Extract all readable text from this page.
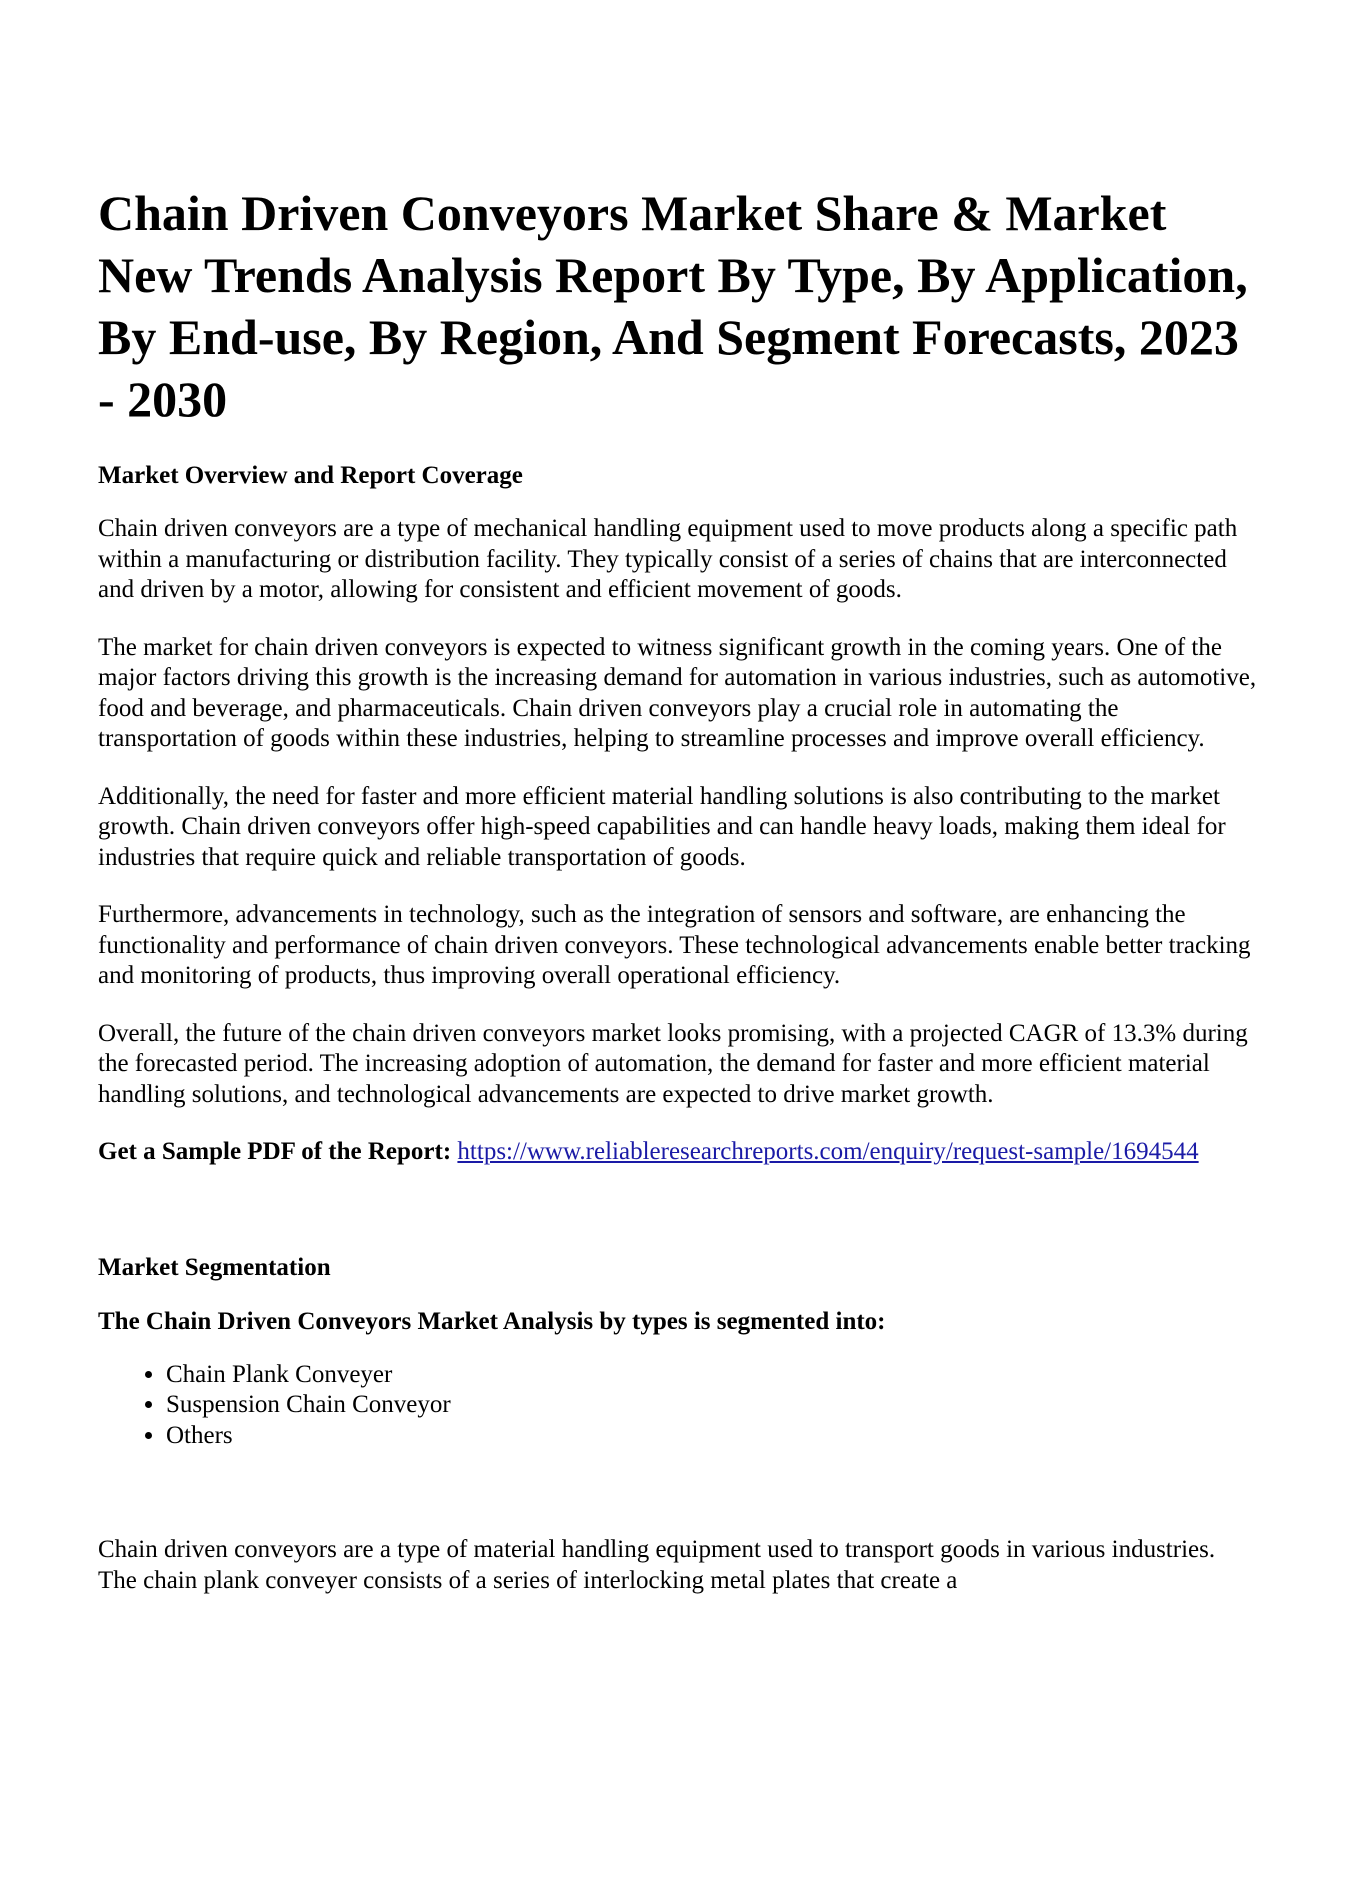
Chain Driven Conveyors Market Share & Market New Trends Analysis Report By Type, By Application, By End-use, By Region, And Segment Forecasts, 2023 - 2030
Market Overview and Report Coverage

Chain driven conveyors are a type of mechanical handling equipment used to move products along a specific path within a manufacturing or distribution facility. They typically consist of a series of chains that are interconnected and driven by a motor, allowing for consistent and efficient movement of goods.

The market for chain driven conveyors is expected to witness significant growth in the coming years. One of the major factors driving this growth is the increasing demand for automation in various industries, such as automotive, food and beverage, and pharmaceuticals. Chain driven conveyors play a crucial role in automating the transportation of goods within these industries, helping to streamline processes and improve overall efficiency.

Additionally, the need for faster and more efficient material handling solutions is also contributing to the market growth. Chain driven conveyors offer high-speed capabilities and can handle heavy loads, making them ideal for industries that require quick and reliable transportation of goods.

Furthermore, advancements in technology, such as the integration of sensors and software, are enhancing the functionality and performance of chain driven conveyors. These technological advancements enable better tracking and monitoring of products, thus improving overall operational efficiency.

Overall, the future of the chain driven conveyors market looks promising, with a projected CAGR of 13.3% during the forecasted period. The increasing adoption of automation, the demand for faster and more efficient material handling solutions, and technological advancements are expected to drive market growth.

Get a Sample PDF of the Report: https://www.reliableresearchreports.com/enquiry/request-sample/1694544
Market Segmentation
The Chain Driven Conveyors Market Analysis by types is segmented into:
• Chain Plank Conveyer
• Suspension Chain Conveyor
• Others

Chain driven conveyors are a type of material handling equipment used to transport goods in various industries. The chain plank conveyer consists of a series of interlocking metal plates that create a
